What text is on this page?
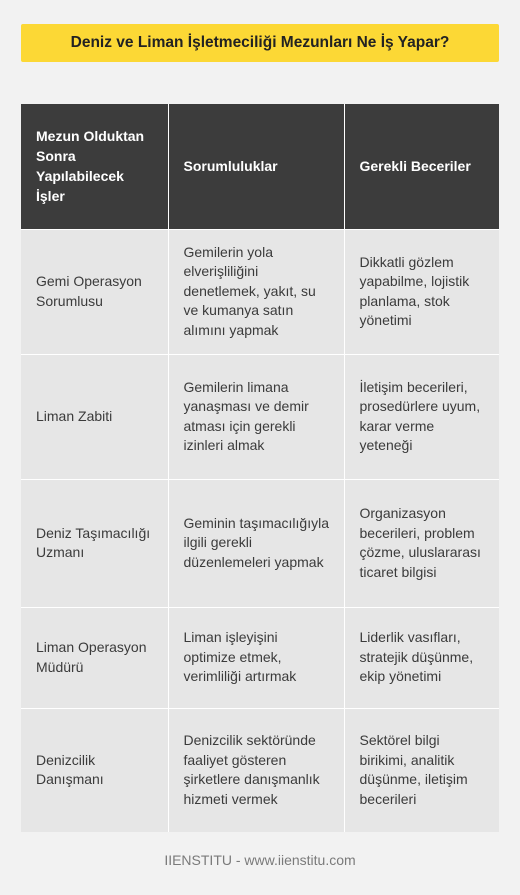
Deniz ve Liman İşletmeciliği Mezunları Ne İş Yapar?
Mezun Olduktan Sonra Yapılabilecek İşler	Sorumluluklar	Gerekli Beceriler
Gemi Operasyon Sorumlusu	Gemilerin yola elverişliliğini denetlemek, yakıt, su ve kumanya satın alımını yapmak	Dikkatli gözlem yapabilme, lojistik planlama, stok yönetimi
Liman Zabiti	Gemilerin limana yanaşması ve demir atması için gerekli izinleri almak	İletişim becerileri, prosedürlere uyum, karar verme yeteneği
Deniz Taşımacılığı Uzmanı	Geminin taşımacılığıyla ilgili gerekli düzenlemeleri yapmak	Organizasyon becerileri, problem çözme, uluslararası ticaret bilgisi
Liman Operasyon Müdürü	Liman işleyişini optimize etmek, verimliliği artırmak	Liderlik vasıfları, stratejik düşünme, ekip yönetimi
Denizcilik Danışmanı	Denizcilik sektöründe faaliyet gösteren şirketlere danışmanlık hizmeti vermek	Sektörel bilgi birikimi, analitik düşünme, iletişim becerileri
IIENSTITU - www.iienstitu.com
